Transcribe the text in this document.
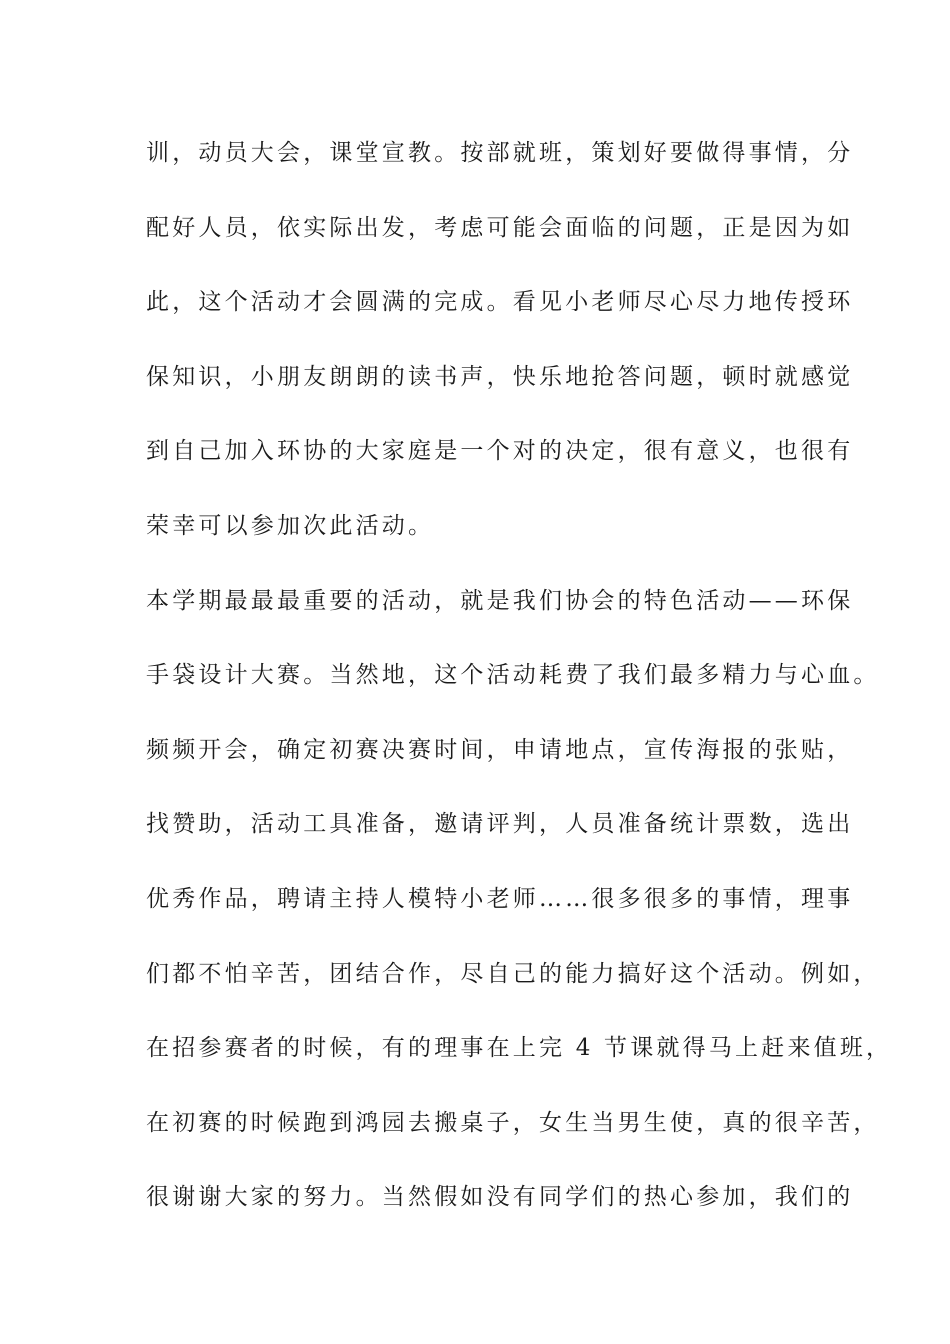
训，动员大会，课堂宣教。按部就班，策划好要做得事情，分
配好人员，依实际出发，考虑可能会面临的问题，正是因为如
此，这个活动才会圆满的完成。看见小老师尽心尽力地传授环
保知识，小朋友朗朗的读书声，快乐地抢答问题，顿时就感觉
到自己加入环协的大家庭是一个对的决定，很有意义，也很有
荣幸可以参加次此活动。
本学期最最最重要的活动，就是我们协会的特色活动——环保
手袋设计大赛。当然地，这个活动耗费了我们最多精力与心血。
频频开会，确定初赛决赛时间，申请地点，宣传海报的张贴，
找赞助，活动工具准备，邀请评判，人员准备统计票数，选出
优秀作品，聘请主持人模特小老师……很多很多的事情，理事
们都不怕辛苦，团结合作，尽自己的能力搞好这个活动。例如，
在招参赛者的时候，有的理事在上完 4 节课就得马上赶来值班，
在初赛的时候跑到鸿园去搬桌子，女生当男生使，真的很辛苦，
很谢谢大家的努力。当然假如没有同学们的热心参加，我们的
